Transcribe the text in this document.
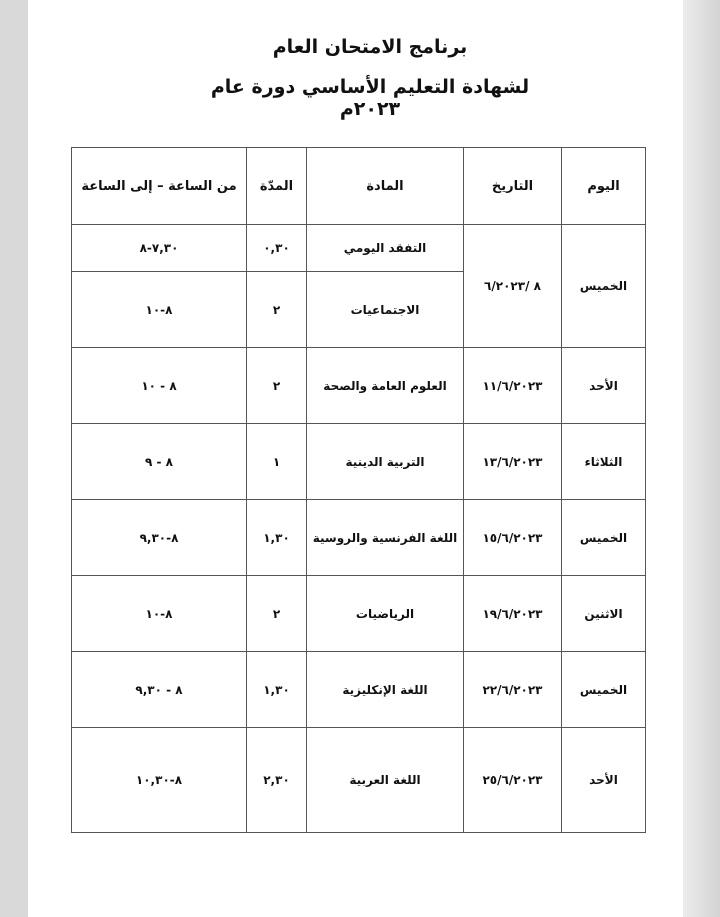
برنامج الامتحان العام
لشهادة التعليم الأساسي دورة عام ٢٠٢٣م
اليوم	التاريخ	المادة	المدّة	من الساعة – إلى الساعة
الخميس	٨ /٦/٢٠٢٣	التفقد اليومي	٠,٣٠	٧,٣٠-٨
		الاجتماعيات	٢	٨-١٠
الأحد	١١/٦/٢٠٢٣	العلوم العامة والصحة	٢	٨ - ١٠
الثلاثاء	١٣/٦/٢٠٢٣	التربية الدينية	١	٨ - ٩
الخميس	١٥/٦/٢٠٢٣	اللغة الفرنسية والروسية	١,٣٠	٨-٩,٣٠
الاثنين	١٩/٦/٢٠٢٣	الرياضيات	٢	٨-١٠
الخميس	٢٢/٦/٢٠٢٣	اللغة الإنكليزية	١,٣٠	٨ - ٩,٣٠
الأحد	٢٥/٦/٢٠٢٣	اللغة العربية	٢,٣٠	٨-١٠,٣٠
